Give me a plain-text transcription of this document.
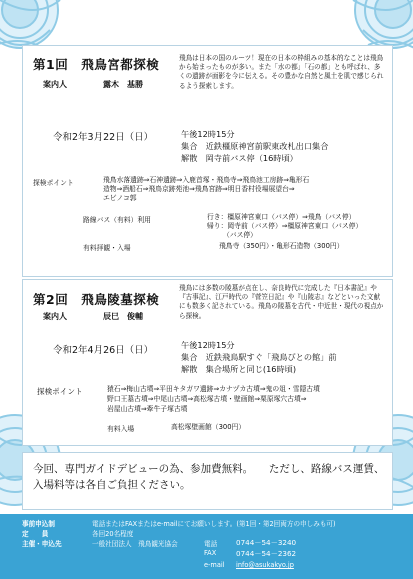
第1回　飛鳥宮都探検
案内人	露木　基勝
飛鳥は日本の国のルーツ！現在の日本の枠組みの基本的なことは飛鳥から始まったものが多い。また「水の都」「石の都」とも呼ばれ、多くの遺跡が面影を今に伝える。その豊かな自然と風土を肌で感じられるよう探索します。
令和2年3月22日（日）	午後12時15分
集合　近鉄橿原神宮前駅東改札出口集合
解散　岡寺前バス停（16時頃）
探検ポイント	飛鳥水落遺跡⇒石神遺跡⇒入鹿首塚・飛鳥寺⇒飛鳥池工房跡⇒亀形石
造物⇒酒船石⇒飛鳥京跡苑池⇒飛鳥宮跡⇒明日香村役場展望台⇒
エビノコ郭
路線バス（有料）利用	行き：橿原神宮東口（バス停）⇒飛鳥（バス停）
帰り：岡寺前（バス停）⇒橿原神宮東口（バス停）
（バス停）
有料拝観・入場	飛鳥寺（350円）・亀形石造物（300円）
第2回　飛鳥陵墓探検
案内人	辰巳　俊輔
飛鳥には多数の陵墓が点在し、奈良時代に完成した『日本書記』や『古事記』、江戸時代の『菅笠日記』や『山陵志』などといった文献にも数多く記されている。飛鳥の陵墓を古代・中近世・現代の視点から探検。
令和2年4月26日（日）	午後12時15分
集合　近鉄飛鳥駅すぐ「飛鳥びとの館」前
解散　集合場所と同じ(16時頃)
探検ポイント	猿石⇒梅山古墳⇒平田キタガワ遺跡⇒カナヅカ古墳⇒鬼の俎・雪隠古墳
野口王墓古墳⇒中尾山古墳⇒高松塚古墳・壁画館⇒栗原塚穴古墳⇒
岩屋山古墳⇒牽牛子塚古墳
有料入場	高松塚壁画館（300円）
今回、専門ガイドデビューの為、参加費無料。　　ただし、路線バス運賃、
入場料等は各自ご負担ください。
事前申込制	電話またはFAXまたはe-mailにてお願いします。(第1回・第2回両方の申しみも可)
定　　員	各回20名程度
主催・申込先	一般社団法人　飛鳥観光協会	電話	0744－54－3240
FAX	0744－54－2362
e-mail info@asukakyo.jp
